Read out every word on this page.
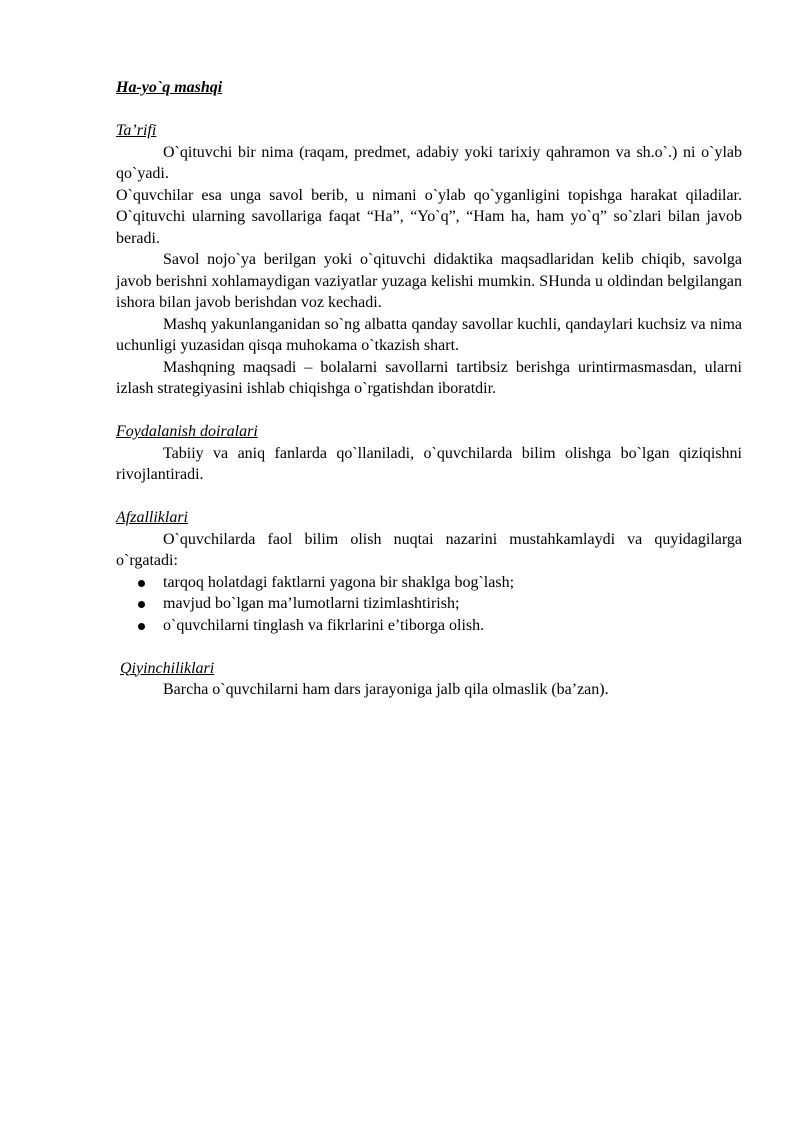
Ha-yo`q mashqi
Ta’rifi

O`qituvchi bir nima (raqam, predmet, adabiy yoki tarixiy qahramon va sh.o`.) ni o`ylab qo`yadi.

O`quvchilar esa unga savol berib, u nimani o`ylab qo`yganligini topishga harakat qiladilar. O`qituvchi ularning savollariga faqat “Ha”, “Yo`q”, “Ham ha, ham yo`q” so`zlari bilan javob beradi.

Savol nojo`ya berilgan yoki o`qituvchi didaktika maqsadlaridan kelib chiqib, savolga javob berishni xohlamaydigan vaziyatlar yuzaga kelishi mumkin. SHunda u oldindan belgilangan ishora bilan javob berishdan voz kechadi.

Mashq yakunlanganidan so`ng albatta qanday savollar kuchli, qandaylari kuchsiz va nima uchunligi yuzasidan qisqa muhokama o`tkazish shart.

Mashqning maqsadi – bolalarni savollarni tartibsiz berishga urintirmasmasdan, ularni izlash strategiyasini ishlab chiqishga o`rgatishdan iboratdir.

Foydalanish doiralari

Tabiiy va aniq fanlarda qo`llaniladi, o`quvchilarda bilim olishga bo`lgan qiziqishni rivojlantiradi.

Afzalliklari

O`quvchilarda faol bilim olish nuqtai nazarini mustahkamlaydi va quyidagilarga o`rgatadi:

tarqoq holatdagi faktlarni yagona bir shaklga bog`lash;
mavjud bo`lgan ma’lumotlarni tizimlashtirish;
o`quvchilarni tinglash va fikrlarini e’tiborga olish.
Qiyinchiliklari

Barcha o`quvchilarni ham dars jarayoniga jalb qila olmaslik (ba’zan).
